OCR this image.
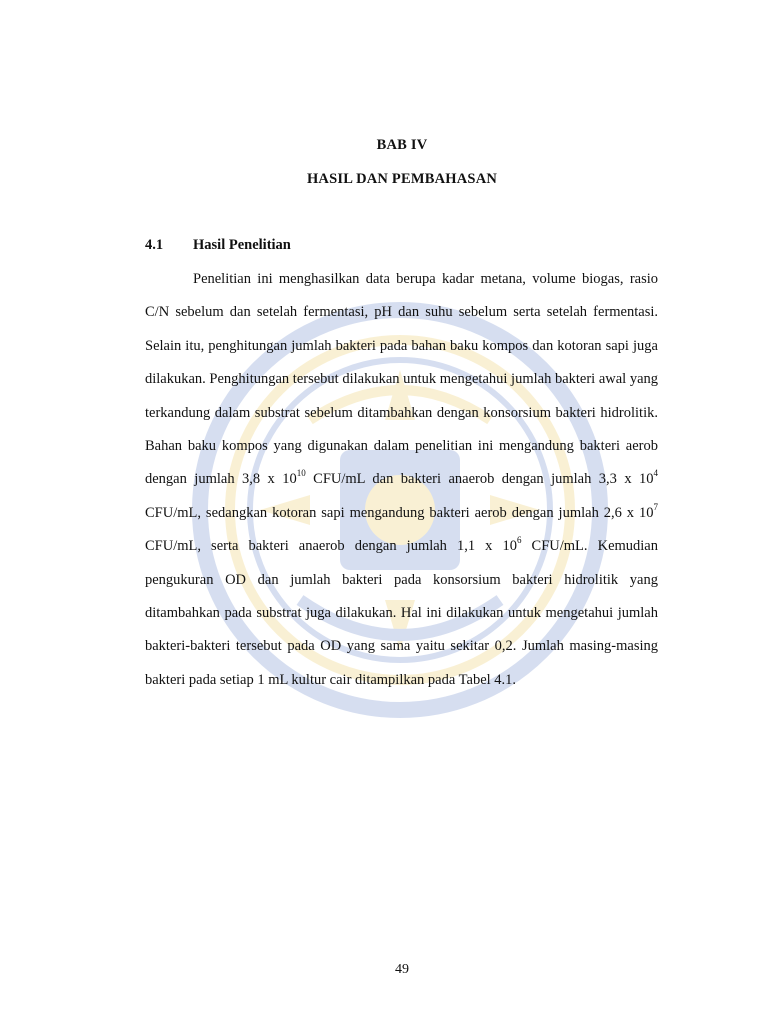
BAB IV
HASIL DAN PEMBAHASAN
4.1 Hasil Penelitian

Penelitian ini menghasilkan data berupa kadar metana, volume biogas, rasio C/N sebelum dan setelah fermentasi, pH dan suhu sebelum serta setelah fermentasi. Selain itu, penghitungan jumlah bakteri pada bahan baku kompos dan kotoran sapi juga dilakukan. Penghitungan tersebut dilakukan untuk mengetahui jumlah bakteri awal yang terkandung dalam substrat sebelum ditambahkan dengan konsorsium bakteri hidrolitik. Bahan baku kompos yang digunakan dalam penelitian ini mengandung bakteri aerob dengan jumlah 3,8 x $10^{10}$ CFU/mL dan bakteri anaerob dengan jumlah 3,3 x $10^4$ CFU/mL, sedangkan kotoran sapi mengandung bakteri aerob dengan jumlah 2,6 x $10^7$ CFU/mL, serta bakteri anaerob dengan jumlah 1,1 x $10^6$ CFU/mL. Kemudian pengukuran OD dan jumlah bakteri pada konsorsium bakteri hidrolitik yang ditambahkan pada substrat juga dilakukan. Hal ini dilakukan untuk mengetahui jumlah bakteri-bakteri tersebut pada OD yang sama yaitu sekitar 0,2. Jumlah masing-masing bakteri pada setiap 1 mL kultur cair ditampilkan pada Tabel 4.1.

49
